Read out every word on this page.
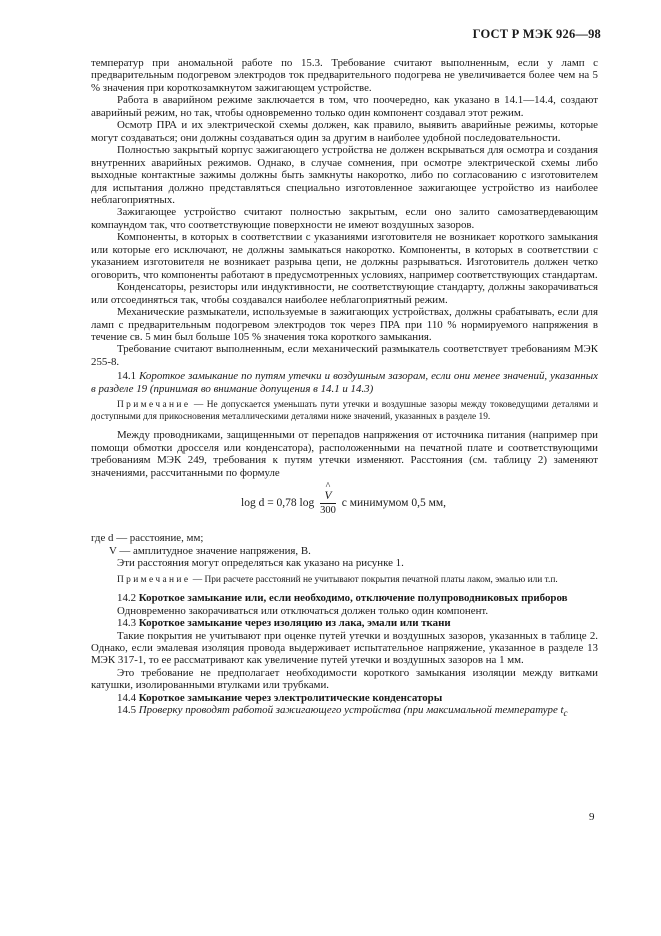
ГОСТ Р МЭК 926—98

температур при аномальной работе по 15.3. Требование считают выполненным, если у ламп с предварительным подогревом электродов ток предварительного подогрева не увеличивается более чем на 5 % значения при короткозамкнутом зажигающем устройстве.

Работа в аварийном режиме заключается в том, что поочередно, как указано в 14.1—14.4, создают аварийный режим, но так, чтобы одновременно только один компонент создавал этот режим.

Осмотр ПРА и их электрической схемы должен, как правило, выявить аварийные режимы, которые могут создаваться; они должны создаваться один за другим в наиболее удобной последовательности.

Полностью закрытый корпус зажигающего устройства не должен вскрываться для осмотра и создания внутренних аварийных режимов. Однако, в случае сомнения, при осмотре электрической схемы либо выходные контактные зажимы должны быть замкнуты накоротко, либо по согласованию с изготовителем для испытания должно представляться специально изготовленное зажигающее устройство из наиболее неблагоприятных.

Зажигающее устройство считают полностью закрытым, если оно залито самозатвердевающим компаундом так, что соответствующие поверхности не имеют воздушных зазоров.

Компоненты, в которых в соответствии с указаниями изготовителя не возникает короткого замыкания или которые его исключают, не должны замыкаться накоротко. Компоненты, в которых в соответствии с указанием изготовителя не возникает разрыва цепи, не должны разрываться. Изготовитель должен четко оговорить, что компоненты работают в предусмотренных условиях, например соответствующих стандартам.

Конденсаторы, резисторы или индуктивности, не соответствующие стандарту, должны закорачиваться или отсоединяться так, чтобы создавался наиболее неблагоприятный режим.

Механические размыкатели, используемые в зажигающих устройствах, должны срабатывать, если для ламп с предварительным подогревом электродов ток через ПРА при 110 % нормируемого напряжения в течение св. 5 мин был больше 105 % значения тока короткого замыкания.

Требование считают выполненным, если механический размыкатель соответствует требованиям МЭК 255-8.

14.1 Короткое замыкание по путям утечки и воздушным зазорам, если они менее значений, указанных в разделе 19 (принимая во внимание допущения в 14.1 и 14.3)

Примечание — Не допускается уменьшать пути утечки и воздушные зазоры между токоведущими деталями и доступными для прикосновения металлическими деталями ниже значений, указанных в разделе 19.

Между проводниками, защищенными от перепадов напряжения от источника питания (например при помощи обмотки дросселя или конденсатора), расположенными на печатной плате и соответствующими требованиям МЭК 249, требования к путям утечки изменяют. Расстояния (см. таблицу 2) заменяют значениями, рассчитанными по формуле

log d = 0,78 log ^
V
300 с минимумом 0,5 мм,

где d — расстояние, мм;

V — амплитудное значение напряжения, В.

Эти расстояния могут определяться как указано на рисунке 1.

Примечание — При расчете расстояний не учитывают покрытия печатной платы лаком, эмалью или т.п.

14.2 Короткое замыкание или, если необходимо, отключение полупроводниковых приборов

Одновременно закорачиваться или отключаться должен только один компонент.

14.3 Короткое замыкание через изоляцию из лака, эмали или ткани

Такие покрытия не учитывают при оценке путей утечки и воздушных зазоров, указанных в таблице 2. Однако, если эмалевая изоляция провода выдерживает испытательное напряжение, указанное в разделе 13 МЭК 317-1, то ее рассматривают как увеличение путей утечки и воздушных зазоров на 1 мм.

Это требование не предполагает необходимости короткого замыкания изоляции между витками катушки, изолированными втулками или трубками.

14.4 Короткое замыкание через электролитические конденсаторы

14.5 Проверку проводят работой зажигающего устройства (при максимальной температуре $t_c$

9
